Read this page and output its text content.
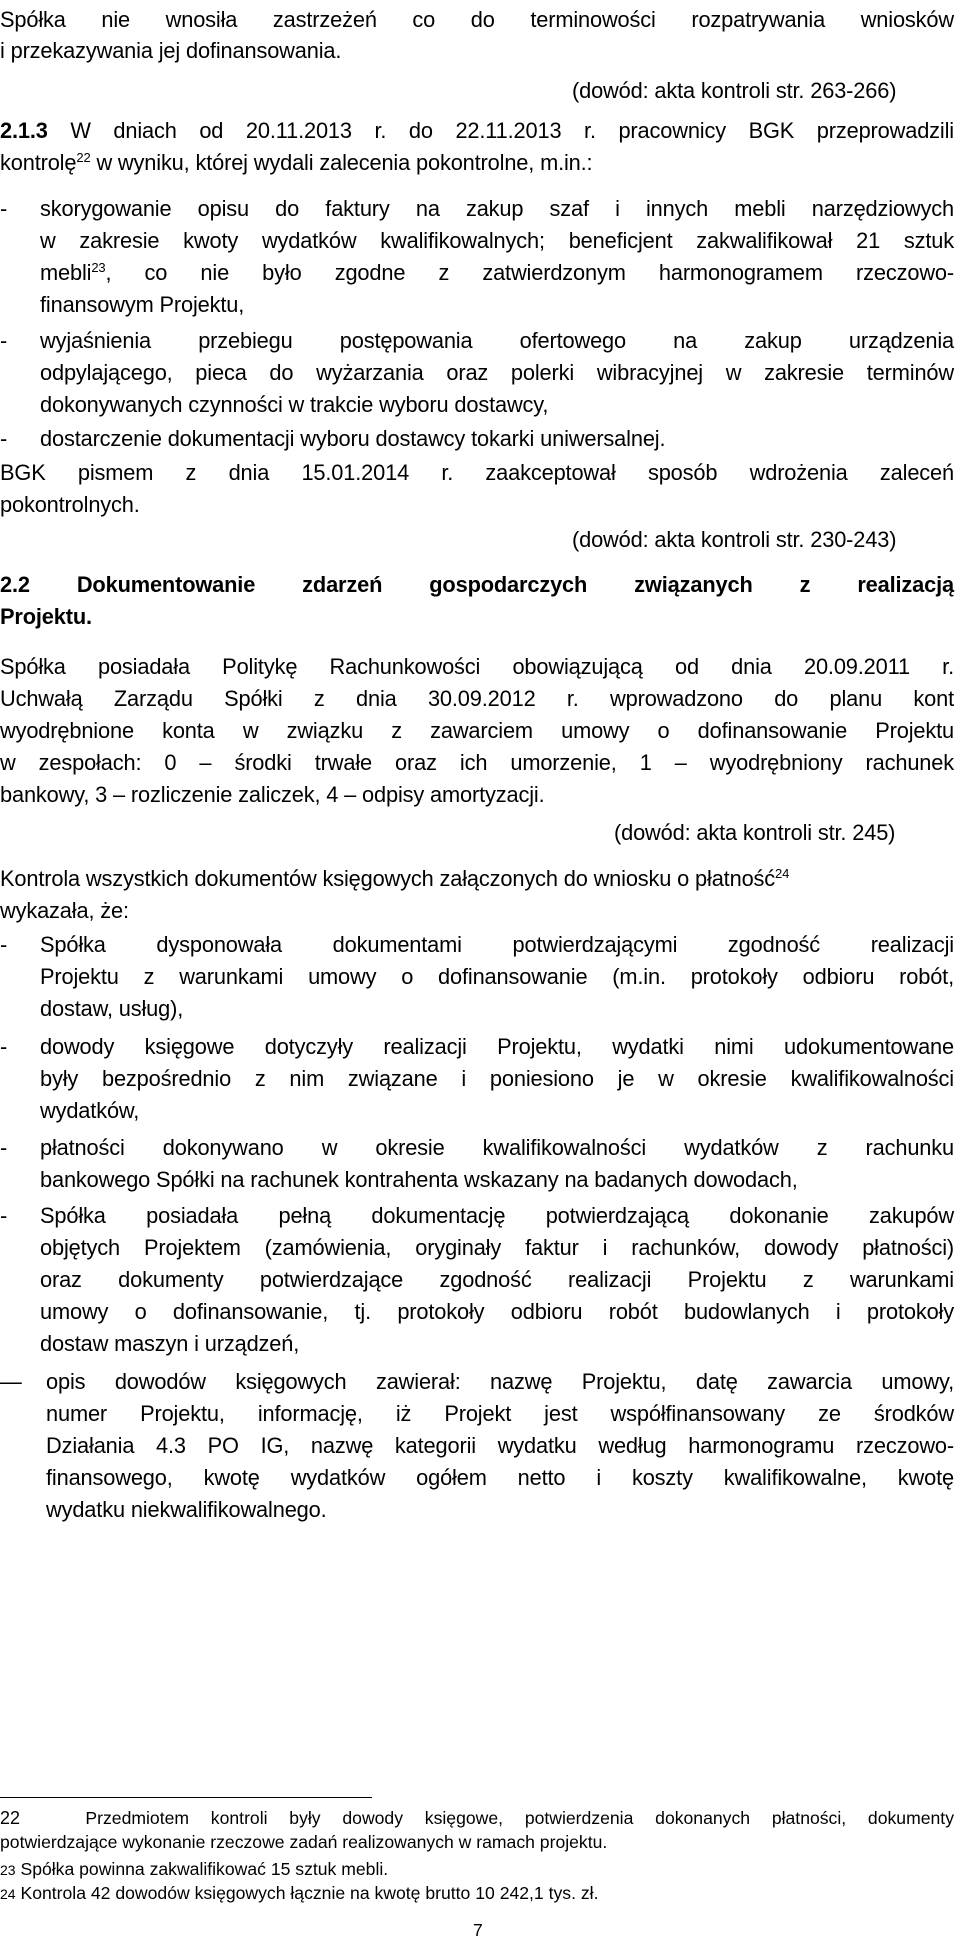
Spółka nie wnosiła zastrzeżeń co do terminowości rozpatrywania wniosków
i przekazywania jej dofinansowania.
(dowód: akta kontroli str. 263-266)
2.1.3 W dniach od 20.11.2013 r. do 22.11.2013 r. pracownicy BGK przeprowadzili
kontrolę$^{22}$ w wyniku, której wydali zalecenia pokontrolne, m.in.:
- skorygowanie opisu do faktury na zakup szaf i innych mebli narzędziowych
w zakresie kwoty wydatków kwalifikowalnych; beneficjent zakwalifikował 21 sztuk
mebli$^{23}$, co nie było zgodne z zatwierdzonym harmonogramem rzeczowo-
finansowym Projektu,
- wyjaśnienia przebiegu postępowania ofertowego na zakup urządzenia
odpylającego, pieca do wyżarzania oraz polerki wibracyjnej w zakresie terminów
dokonywanych czynności w trakcie wyboru dostawcy,
- dostarczenie dokumentacji wyboru dostawcy tokarki uniwersalnej.
BGK pismem z dnia 15.01.2014 r. zaakceptował sposób wdrożenia zaleceń
pokontrolnych.
(dowód: akta kontroli str. 230-243)
2.2 Dokumentowanie zdarzeń gospodarczych związanych z realizacją
Projektu.
Spółka posiadała Politykę Rachunkowości obowiązującą od dnia 20.09.2011 r.
Uchwałą Zarządu Spółki z dnia 30.09.2012 r. wprowadzono do planu kont
wyodrębnione konta w związku z zawarciem umowy o dofinansowanie Projektu
w zespołach: 0 – środki trwałe oraz ich umorzenie, 1 – wyodrębniony rachunek
bankowy, 3 – rozliczenie zaliczek, 4 – odpisy amortyzacji.
(dowód: akta kontroli str. 245)
Kontrola wszystkich dokumentów księgowych załączonych do wniosku o płatność$^{24}$
wykazała, że:
- Spółka dysponowała dokumentami potwierdzającymi zgodność realizacji
Projektu z warunkami umowy o dofinansowanie (m.in. protokoły odbioru robót,
dostaw, usług),
- dowody księgowe dotyczyły realizacji Projektu, wydatki nimi udokumentowane
były bezpośrednio z nim związane i poniesiono je w okresie kwalifikowalności
wydatków,
- płatności dokonywano w okresie kwalifikowalności wydatków z rachunku
bankowego Spółki na rachunek kontrahenta wskazany na badanych dowodach,
- Spółka posiadała pełną dokumentację potwierdzającą dokonanie zakupów
objętych Projektem (zamówienia, oryginały faktur i rachunków, dowody płatności)
oraz dokumenty potwierdzające zgodność realizacji Projektu z warunkami
umowy o dofinansowanie, tj. protokoły odbioru robót budowlanych i protokoły
dostaw maszyn i urządzeń,
— opis dowodów księgowych zawierał: nazwę Projektu, datę zawarcia umowy,
numer Projektu, informację, iż Projekt jest współfinansowany ze środków
Działania 4.3 PO IG, nazwę kategorii wydatku według harmonogramu rzeczowo-
finansowego, kwotę wydatków ogółem netto i koszty kwalifikowalne, kwotę
wydatku niekwalifikowalnego.
22	Przedmiotem kontroli były dowody księgowe, potwierdzenia dokonanych płatności, dokumenty
potwierdzające wykonanie rzeczowe zadań realizowanych w ramach projektu.
23 Spółka powinna zakwalifikować 15 sztuk mebli.
24 Kontrola 42 dowodów księgowych łącznie na kwotę brutto 10 242,1 tys. zł.
7
